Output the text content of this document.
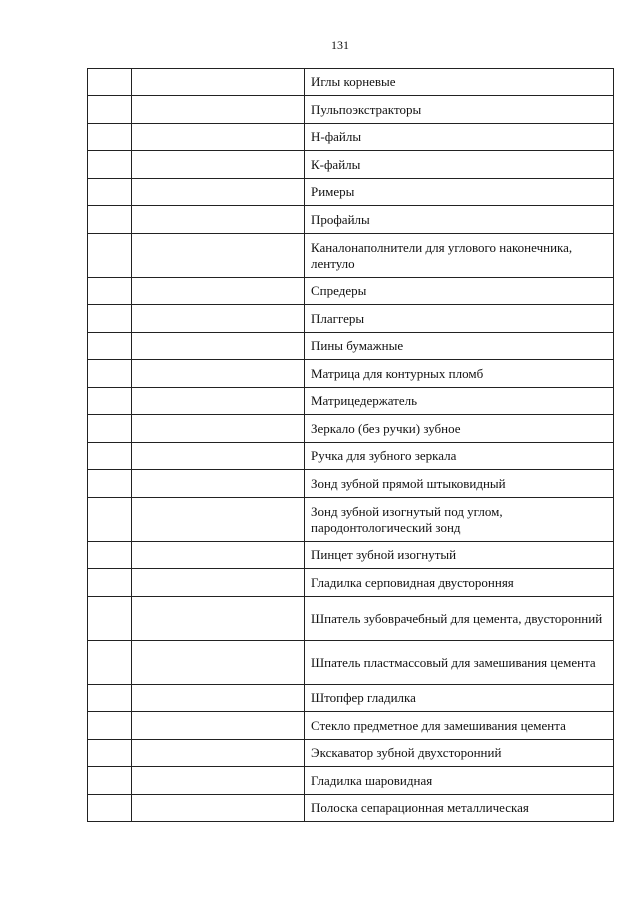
131
		Иглы корневые
		Пульпоэкстракторы
		Н-файлы
		К-файлы
		Римеры
		Профайлы
		Каналонаполнители для углового наконечника, лентуло
		Спредеры
		Плаггеры
		Пины бумажные
		Матрица для контурных пломб
		Матрицедержатель
		Зеркало (без ручки) зубное
		Ручка для зубного зеркала
		Зонд зубной прямой штыковидный
		Зонд зубной изогнутый под углом, пародонтологический зонд
		Пинцет зубной изогнутый
		Гладилка серповидная двусторонняя
		Шпатель зубоврачебный для цемента, двусторонний
		Шпатель пластмассовый для замешивания цемента
		Штопфер гладилка
		Стекло предметное для замешивания цемента
		Экскаватор зубной двухсторонний
		Гладилка шаровидная
		Полоска сепарационная металлическая
